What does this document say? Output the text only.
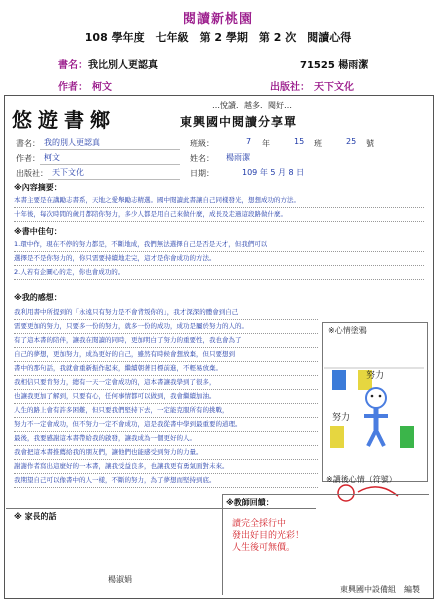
閱讀新桃園
108 學年度　七年級　第 2 學期　第 2 次　閱讀心得
書名： 我比別人更認真	71525 楊雨潔
作者： 柯文	出版社： 天下文化
悠遊書鄉
…悅讀．越多．閱好…
東興國中閱讀分享單
書名： 我的別人更認真	班級：	7 年	15 班	25 號
作者： 柯文	姓名： 楊雨潔
出版社： 天下文化	日期：	109 年 5 月 8 日
※內容摘要：
本書主要是在講勵志書系，天地之愛舉勵志精選。國中閱讀此書讓自己同樣發光，想想成功的方法。
十年後，每次時間的歲月都陪你努力，多少人都是用自己來做什麼，成長及走過這段路做什麼。
※書中佳句：
1.環中作，現在不停的努力都是，不斷地成，我們無法選擇自己是否是天才，但我們可以
選擇是不是你努力的，你只需要持續地走完，這才是你會成功的方法。
2.人若有企圖心的走，你也會成功的。
※我的感想：
我利用書中所提到的「永遠只有努力是不會背叛你的」，我才深深的體會到自己
需要更加的努力，只要多一份的努力，就多一份的成功，成功是屬於努力的人的。
有了這本書的陪伴，讓我在閱讀的同時，更加明白了努力的重要性，我也會為了
自己的夢想，更加努力，成為更好的自己，雖然有時候會想放棄，但只要想到
書中的那句話，我就會重新振作起來，繼續朝著目標前進，不輕易放棄。
我相信只要肯努力，總有一天一定會成功的，這本書讓我學到了很多，
也讓我更加了解到，只要有心，任何事情都可以做到，我會繼續加油。
人生的路上會有許多困難，但只要我們堅持下去，一定能克服所有的挑戰，
努力不一定會成功，但不努力一定不會成功，這是我從書中學到最重要的道理。
最後，我要感謝這本書帶給我的啟發，讓我成為一個更好的人。
我會把這本書推薦給我的朋友們，讓他們也能感受到努力的力量。
謝謝作者寫出這麼好的一本書，讓我受益良多，也讓我更有勇氣面對未來。
我期望自己可以像書中的人一樣，不斷的努力，為了夢想而堅持到底。
※心情塗鴉
努力
努力
※讀後心情（符號）
※ 家長的話
楊淑娟
※教師回饋：
讀完全採行中
發出好目的光彩！
人生後可無價。
東興國中設備組　編製
